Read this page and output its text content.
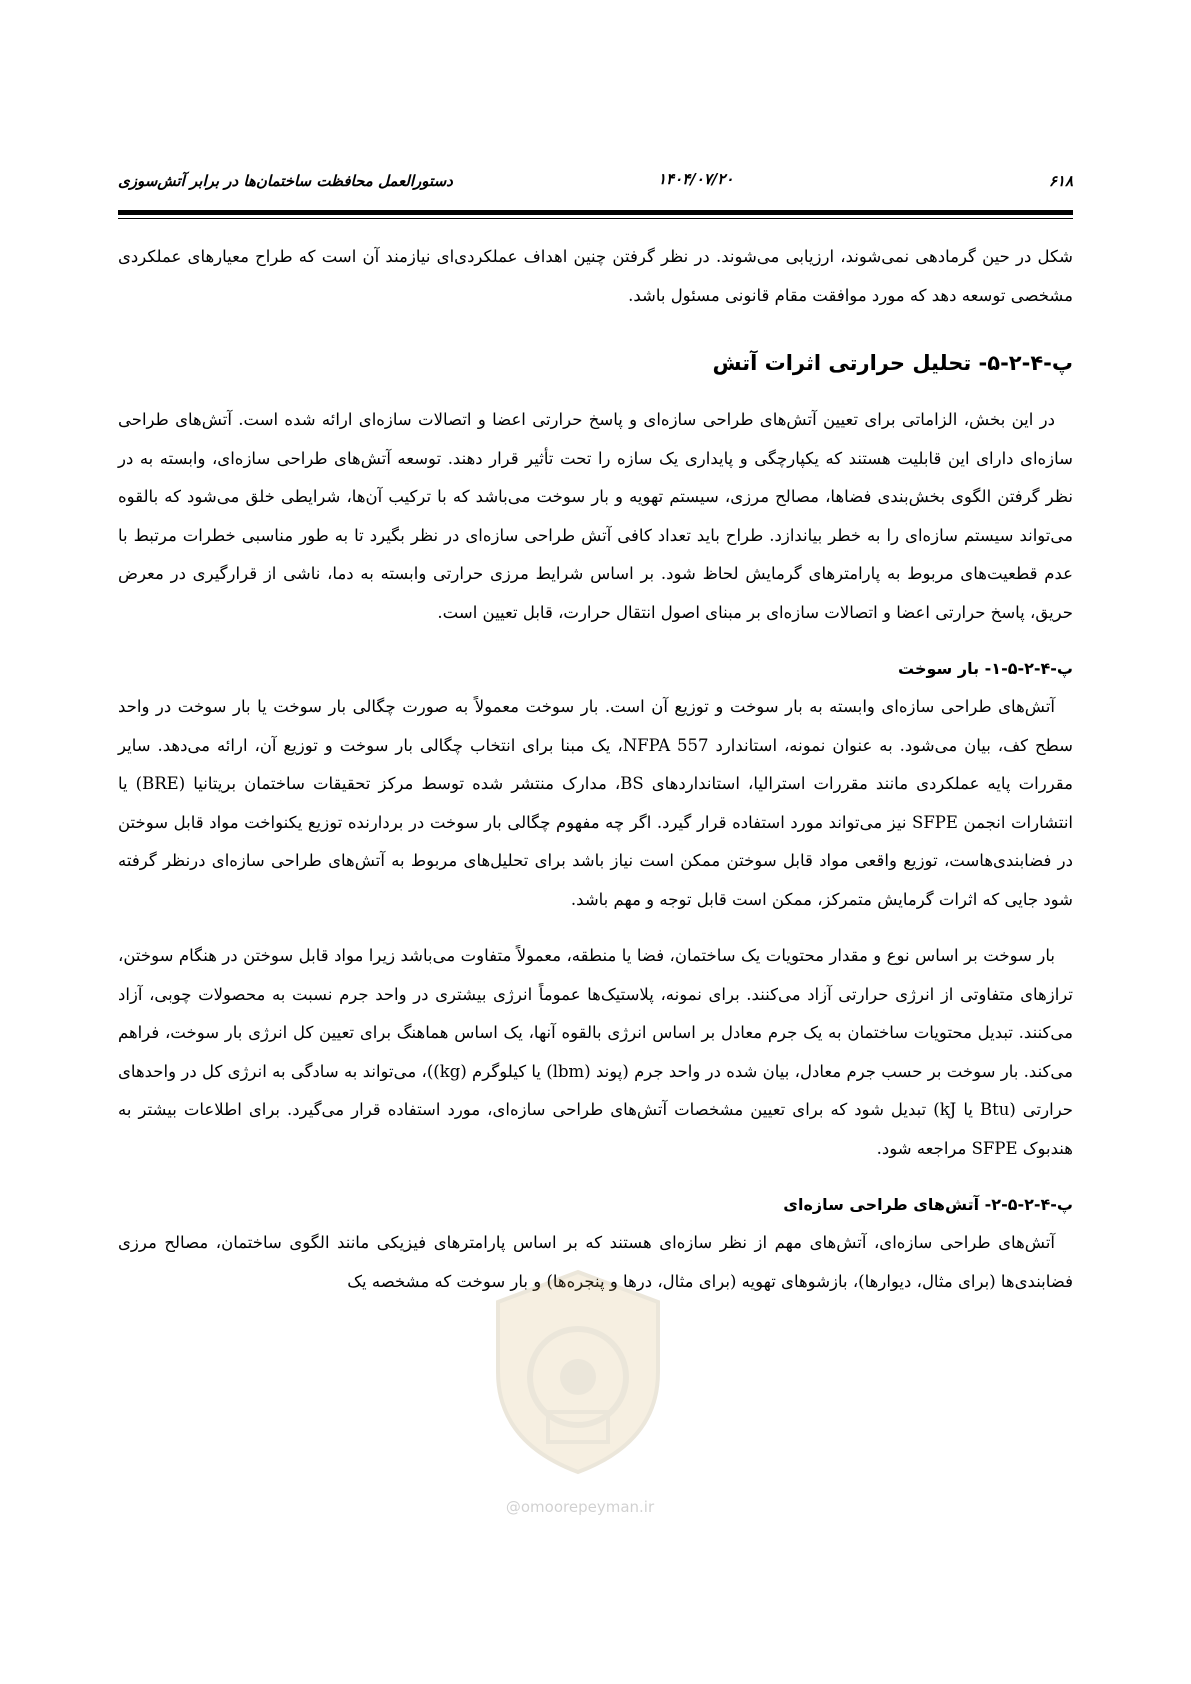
۶۱۸
۱۴۰۴/۰۷/۲۰
دستورالعمل محافظت ساختمان‌ها در برابر آتش‌سوزی

شکل در حین گرمادهی نمی‌شوند، ارزیابی می‌شوند. در نظر گرفتن چنین اهداف عملکردی‌ای نیازمند آن است که طراح معیارهای عملکردی مشخصی توسعه دهد که مورد موافقت مقام قانونی مسئول باشد.

پ-۴-۲-۵- تحلیل حرارتی اثرات آتش

در این بخش، الزاماتی برای تعیین آتش‌های طراحی سازه‌ای و پاسخ حرارتی اعضا و اتصالات سازه‌ای ارائه شده است. آتش‌های طراحی سازه‌ای دارای این قابلیت هستند که یکپارچگی و پایداری یک سازه را تحت تأثیر قرار دهند. توسعه آتش‌های طراحی سازه‌ای، وابسته به در نظر گرفتن الگوی بخش‌بندی فضاها، مصالح مرزی، سیستم تهویه و بار سوخت می‌باشد که با ترکیب آن‌ها، شرایطی خلق می‌شود که بالقوه می‌تواند سیستم سازه‌ای را به خطر بیاندازد. طراح باید تعداد کافی آتش طراحی سازه‌ای در نظر بگیرد تا به طور مناسبی خطرات مرتبط با عدم قطعیت‌های مربوط به پارامترهای گرمایش لحاظ شود. بر اساس شرایط مرزی حرارتی وابسته به دما، ناشی از قرارگیری در معرض حریق، پاسخ حرارتی اعضا و اتصالات سازه‌ای بر مبنای اصول انتقال حرارت، قابل تعیین است.

پ-۴-۲-۵-۱- بار سوخت

آتش‌های طراحی سازه‌ای وابسته به بار سوخت و توزیع آن است. بار سوخت معمولاً به صورت چگالی بار سوخت یا بار سوخت در واحد سطح کف، بیان می‌شود. به عنوان نمونه، استاندارد NFPA 557، یک مبنا برای انتخاب چگالی بار سوخت و توزیع آن، ارائه می‌دهد. سایر مقررات پایه عملکردی مانند مقررات استرالیا، استانداردهای BS، مدارک منتشر شده توسط مرکز تحقیقات ساختمان بریتانیا (BRE) یا انتشارات انجمن SFPE نیز می‌تواند مورد استفاده قرار گیرد. اگر چه مفهوم چگالی بار سوخت در بردارنده توزیع یکنواخت مواد قابل سوختن در فضابندی‌هاست، توزیع واقعی مواد قابل سوختن ممکن است نیاز باشد برای تحلیل‌های مربوط به آتش‌های طراحی سازه‌ای درنظر گرفته شود جایی که اثرات گرمایش متمرکز، ممکن است قابل توجه و مهم باشد.

بار سوخت بر اساس نوع و مقدار محتویات یک ساختمان، فضا یا منطقه، معمولاً متفاوت می‌باشد زیرا مواد قابل سوختن در هنگام سوختن، ترازهای متفاوتی از انرژی حرارتی آزاد می‌کنند. برای نمونه، پلاستیک‌ها عموماً انرژی بیشتری در واحد جرم نسبت به محصولات چوبی، آزاد می‌کنند. تبدیل محتویات ساختمان به یک جرم معادل بر اساس انرژی بالقوه آنها، یک اساس هماهنگ برای تعیین کل انرژی بار سوخت، فراهم می‌کند. بار سوخت بر حسب جرم معادل، بیان شده در واحد جرم (پوند (lbm) یا کیلوگرم (kg))، می‌تواند به سادگی به انرژی کل در واحدهای حرارتی (Btu یا kJ) تبدیل شود که برای تعیین مشخصات آتش‌های طراحی سازه‌ای، مورد استفاده قرار می‌گیرد. برای اطلاعات بیشتر به هندبوک SFPE مراجعه شود.

پ-۴-۲-۵-۲- آتش‌های طراحی سازه‌ای

آتش‌های طراحی سازه‌ای، آتش‌های مهم از نظر سازه‌ای هستند که بر اساس پارامترهای فیزیکی مانند الگوی ساختمان، مصالح مرزی فضابندی‌ها (برای مثال، دیوارها)، بازشوهای تهویه (برای مثال، درها و پنجره‌ها) و بار سوخت که مشخصه یک

@omoorepeyman.ir
